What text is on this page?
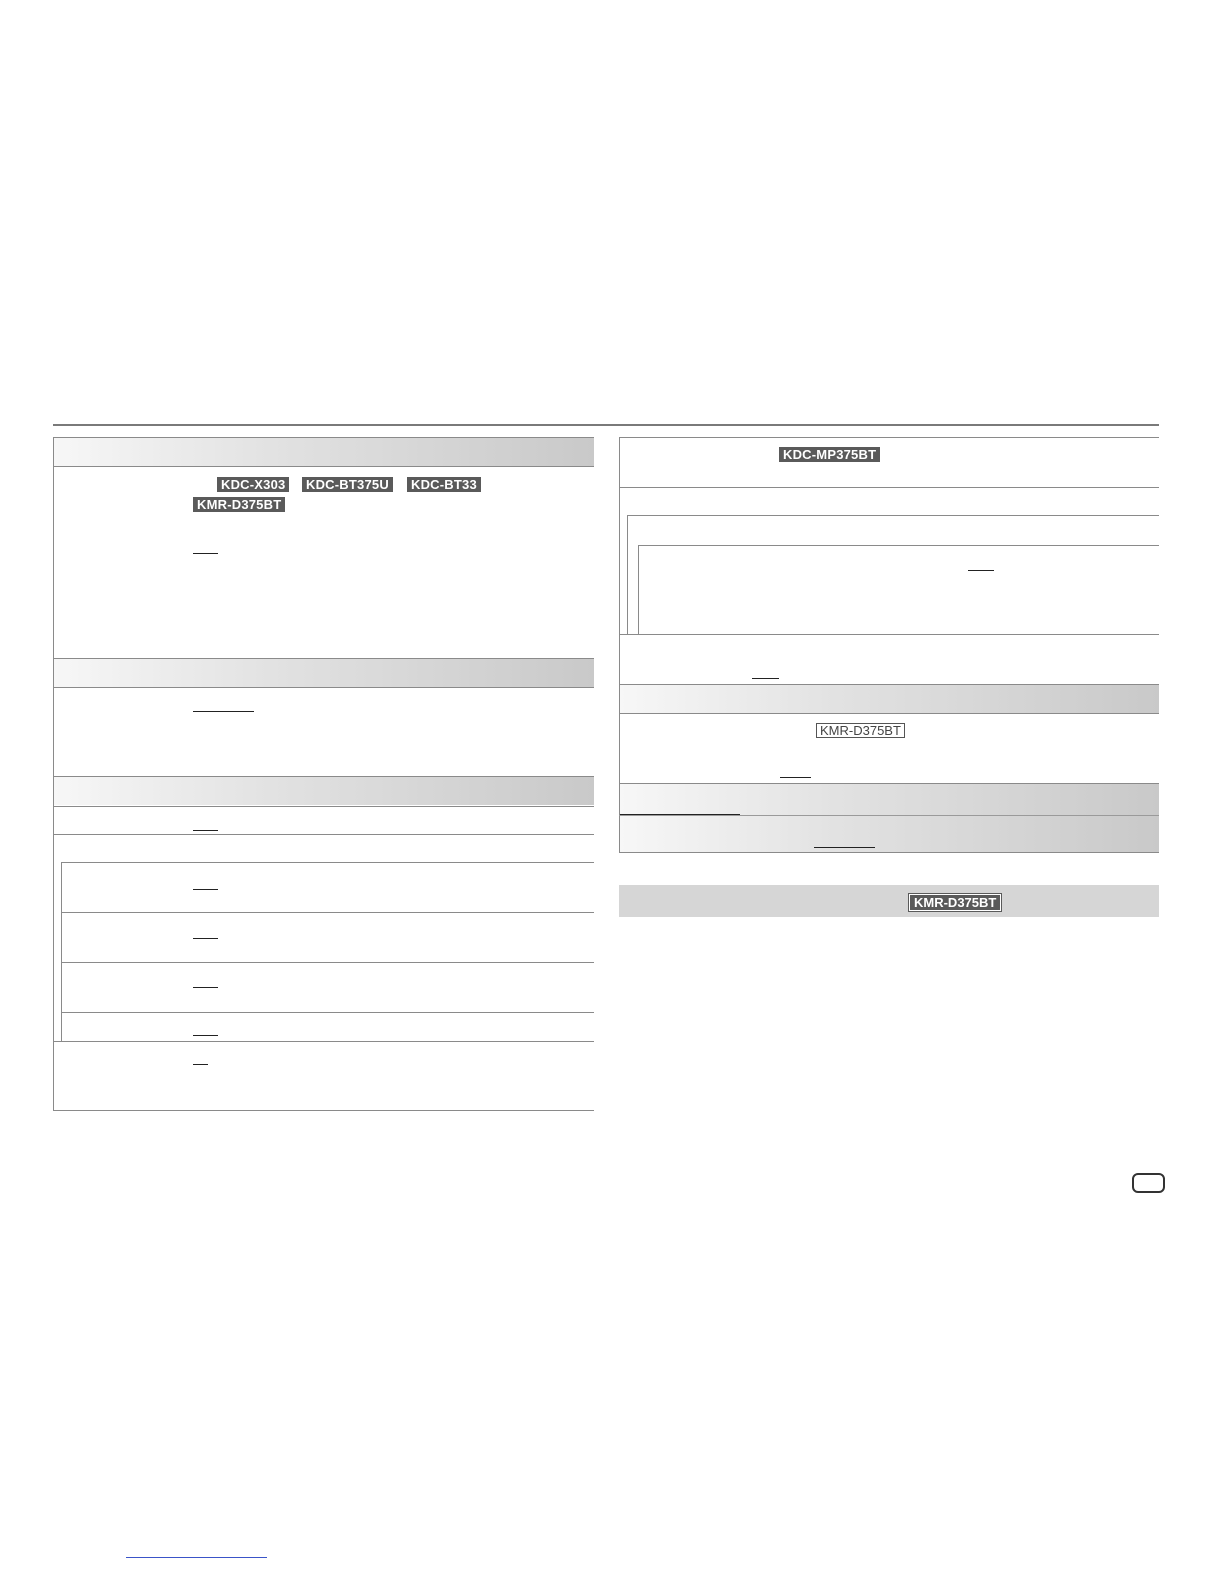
KDC-X303	KDC-BT375U	KDC-BT33
KMR-D375BT
KDC-MP375BT
KMR-D375BT
KMR-D375BT
